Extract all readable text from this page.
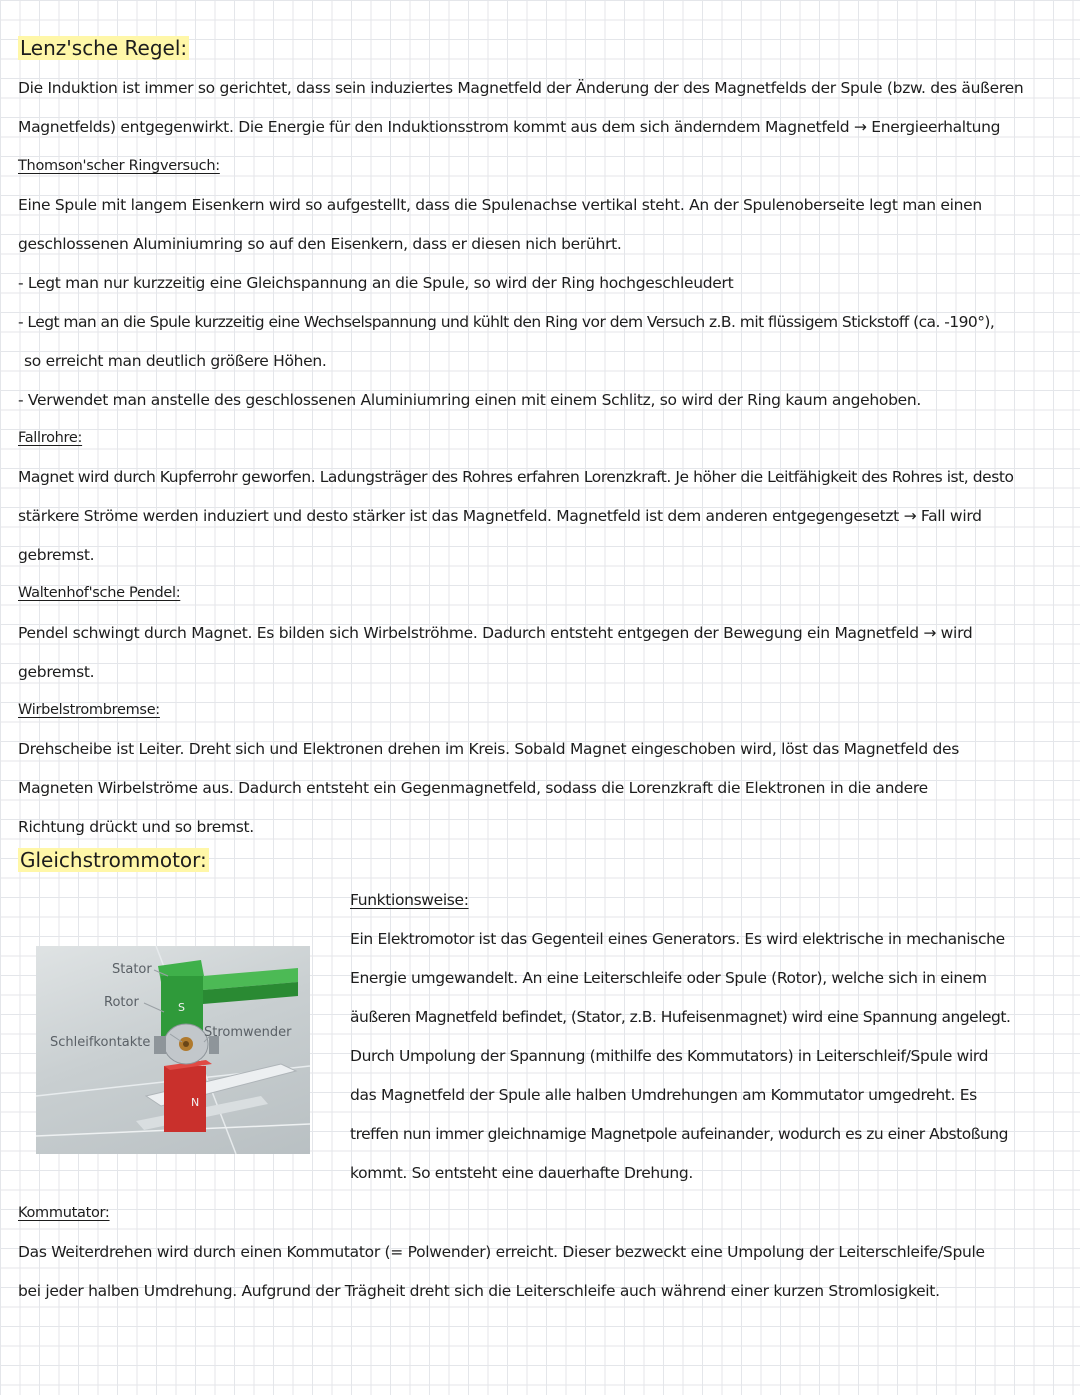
Lenz'sche Regel:
Die Induktion ist immer so gerichtet, dass sein induziertes Magnetfeld der Änderung der des Magnetfelds der Spule (bzw. des äußeren
Magnetfelds) entgegenwirkt. Die Energie für den Induktionsstrom kommt aus dem sich änderndem Magnetfeld → Energieerhaltung
Thomson'scher Ringversuch:
Eine Spule mit langem Eisenkern wird so aufgestellt, dass die Spulenachse vertikal steht. An der Spulenoberseite legt man einen
geschlossenen Aluminiumring so auf den Eisenkern, dass er diesen nich berührt.
- Legt man nur kurzzeitig eine Gleichspannung an die Spule, so wird der Ring hochgeschleudert
- Legt man an die Spule kurzzeitig eine Wechselspannung und kühlt den Ring vor dem Versuch z.B. mit flüssigem Stickstoff (ca. -190°),
so erreicht man deutlich größere Höhen.
- Verwendet man anstelle des geschlossenen Aluminiumring einen mit einem Schlitz, so wird der Ring kaum angehoben.
Fallrohre:
Magnet wird durch Kupferrohr geworfen. Ladungsträger des Rohres erfahren Lorenzkraft. Je höher die Leitfähigkeit des Rohres ist, desto
stärkere Ströme werden induziert und desto stärker ist das Magnetfeld. Magnetfeld ist dem anderen entgegengesetzt → Fall wird
gebremst.
Waltenhof'sche Pendel:
Pendel schwingt durch Magnet. Es bilden sich Wirbelströhme. Dadurch entsteht entgegen der Bewegung ein Magnetfeld → wird
gebremst.
Wirbelstrombremse:
Drehscheibe ist Leiter. Dreht sich und Elektronen drehen im Kreis. Sobald Magnet eingeschoben wird, löst das Magnetfeld des
Magneten Wirbelströme aus. Dadurch entsteht ein Gegenmagnetfeld, sodass die Lorenzkraft die Elektronen in die andere
Richtung drückt und so bremst.
Gleichstrommotor:
S
N
Stator
Rotor
Schleifkontakte
Stromwender
Funktionsweise:
Ein Elektromotor ist das Gegenteil eines Generators. Es wird elektrische in mechanische
Energie umgewandelt. An eine Leiterschleife oder Spule (Rotor), welche sich in einem
äußeren Magnetfeld befindet, (Stator, z.B. Hufeisenmagnet) wird eine Spannung angelegt.
Durch Umpolung der Spannung (mithilfe des Kommutators) in Leiterschleif/Spule wird
das Magnetfeld der Spule alle halben Umdrehungen am Kommutator umgedreht. Es
treffen nun immer gleichnamige Magnetpole aufeinander, wodurch es zu einer Abstoßung
kommt. So entsteht eine dauerhafte Drehung.
Kommutator:
Das Weiterdrehen wird durch einen Kommutator (= Polwender) erreicht. Dieser bezweckt eine Umpolung der Leiterschleife/Spule
bei jeder halben Umdrehung. Aufgrund der Trägheit dreht sich die Leiterschleife auch während einer kurzen Stromlosigkeit.
